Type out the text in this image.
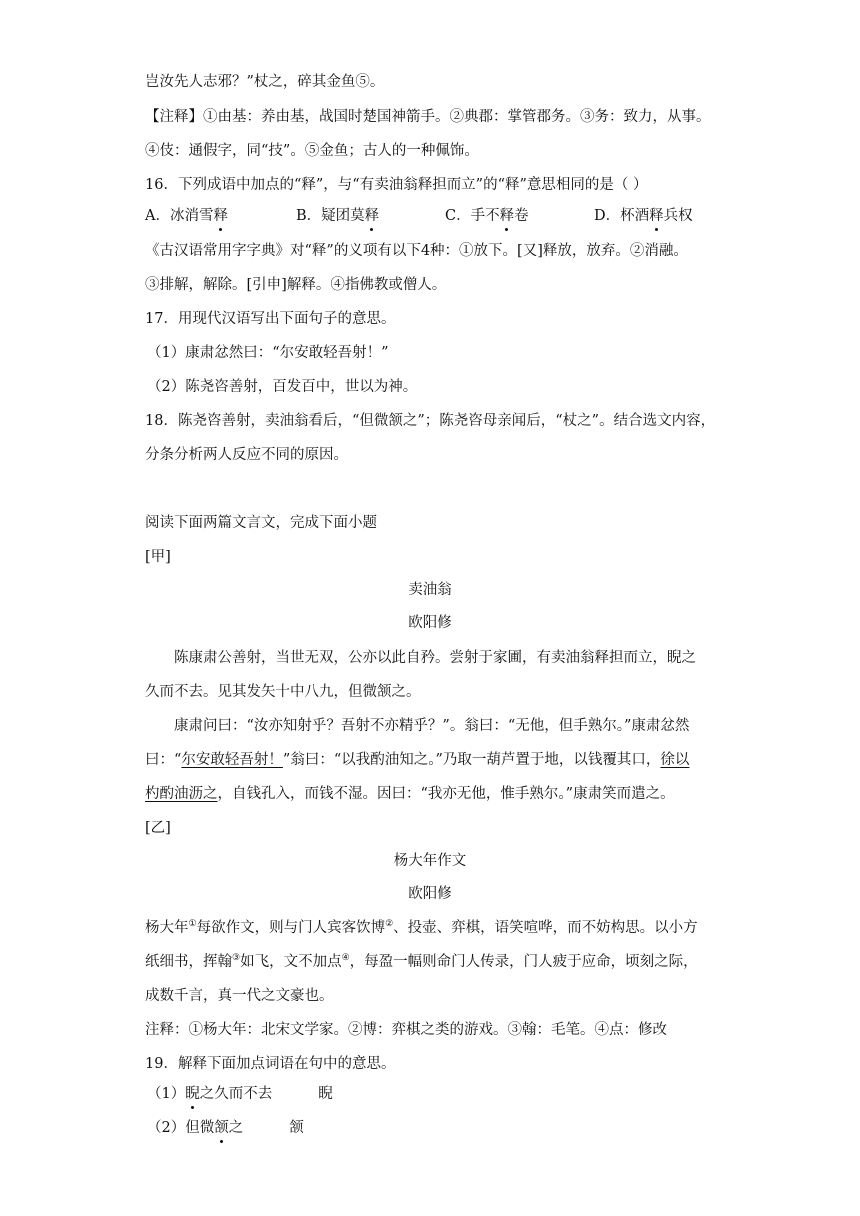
岂汝先人志邪？”杖之，碎其金鱼⑤。
【注释】①由基：养由基，战国时楚国神箭手。②典郡：掌管郡务。③务：致力，从事。
④伎：通假字，同“技”。⑤金鱼；古人的一种佩饰。
16．下列成语中加点的“释”，与“有卖油翁释担而立”的“释”意思相同的是（ ）
A．冰消雪释	B．疑团莫释	C．手不释卷	D．杯酒释兵权
《古汉语常用字字典》对“释”的义项有以下4种：①放下。[又]释放，放弃。②消融。
③排解，解除。[引申]解释。④指佛教或僧人。
17．用现代汉语写出下面句子的意思。
（1）康肃忿然曰：“尔安敢轻吾射！”
（2）陈尧咨善射，百发百中，世以为神。
18．陈尧咨善射，卖油翁看后，“但微颔之”；陈尧咨母亲闻后，“杖之”。结合选文内容，
分条分析两人反应不同的原因。
阅读下面两篇文言文，完成下面小题
[甲]
卖油翁
欧阳修
陈康肃公善射，当世无双，公亦以此自矜。尝射于家圃，有卖油翁释担而立，睨之
久而不去。见其发矢十中八九，但微颔之。
康肃问曰：“汝亦知射乎？吾射不亦精乎？”。翁曰：“无他，但手熟尔。”康肃忿然
曰：“尔安敢轻吾射！”翁曰：“以我酌油知之。”乃取一葫芦置于地，以钱覆其口，徐以
杓酌油沥之，自钱孔入，而钱不湿。因曰：“我亦无他，惟手熟尔。”康肃笑而遣之。
[乙]
杨大年作文
欧阳修
杨大年①每欲作文，则与门人宾客饮博②、投壶、弈棋，语笑喧哗，而不妨构思。以小方
纸细书，挥翰③如飞，文不加点④，每盈一幅则命门人传录，门人疲于应命，顷刻之际，
成数千言，真一代之文豪也。
注释：①杨大年：北宋文学家。②博：弈棋之类的游戏。③翰：毛笔。④点：修改
19．解释下面加点词语在句中的意思。
（1）睨之久而不去	睨
（2）但微颔之	颔
